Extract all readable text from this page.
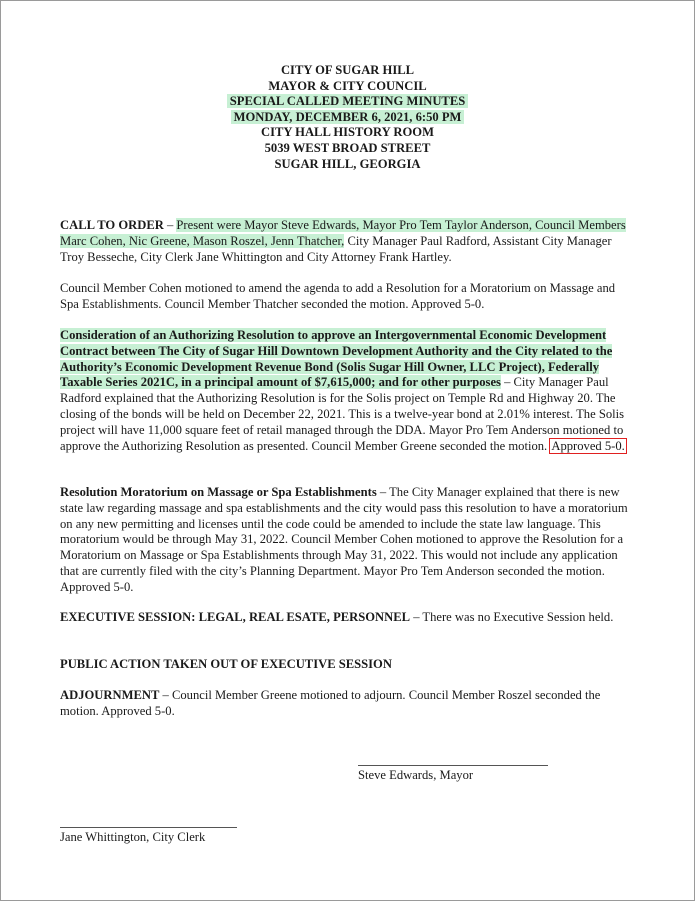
CITY OF SUGAR HILL
MAYOR & CITY COUNCIL
SPECIAL CALLED MEETING MINUTES
MONDAY, DECEMBER 6, 2021, 6:50 PM
CITY HALL HISTORY ROOM
5039 WEST BROAD STREET
SUGAR HILL, GEORGIA

CALL TO ORDER – Present were Mayor Steve Edwards, Mayor Pro Tem Taylor Anderson, Council Members Marc Cohen, Nic Greene, Mason Roszel, Jenn Thatcher, City Manager Paul Radford, Assistant City Manager Troy Besseche, City Clerk Jane Whittington and City Attorney Frank Hartley.

Council Member Cohen motioned to amend the agenda to add a Resolution for a Moratorium on Massage and Spa Establishments. Council Member Thatcher seconded the motion. Approved 5-0.

Consideration of an Authorizing Resolution to approve an Intergovernmental Economic Development Contract between The City of Sugar Hill Downtown Development Authority and the City related to the Authority’s Economic Development Revenue Bond (Solis Sugar Hill Owner, LLC Project), Federally Taxable Series 2021C, in a principal amount of $7,615,000; and for other purposes – City Manager Paul Radford explained that the Authorizing Resolution is for the Solis project on Temple Rd and Highway 20. The closing of the bonds will be held on December 22, 2021. This is a twelve-year bond at 2.01% interest. The Solis project will have 11,000 square feet of retail managed through the DDA. Mayor Pro Tem Anderson motioned to approve the Authorizing Resolution as presented. Council Member Greene seconded the motion. Approved 5-0.

Resolution Moratorium on Massage or Spa Establishments – The City Manager explained that there is new state law regarding massage and spa establishments and the city would pass this resolution to have a moratorium on any new permitting and licenses until the code could be amended to include the state law language. This moratorium would be through May 31, 2022. Council Member Cohen motioned to approve the Resolution for a Moratorium on Massage or Spa Establishments through May 31, 2022. This would not include any application that are currently filed with the city’s Planning Department. Mayor Pro Tem Anderson seconded the motion. Approved 5-0.

EXECUTIVE SESSION: LEGAL, REAL ESATE, PERSONNEL – There was no Executive Session held.

PUBLIC ACTION TAKEN OUT OF EXECUTIVE SESSION

ADJOURNMENT – Council Member Greene motioned to adjourn. Council Member Roszel seconded the motion. Approved 5-0.

Steve Edwards, Mayor
Jane Whittington, City Clerk
